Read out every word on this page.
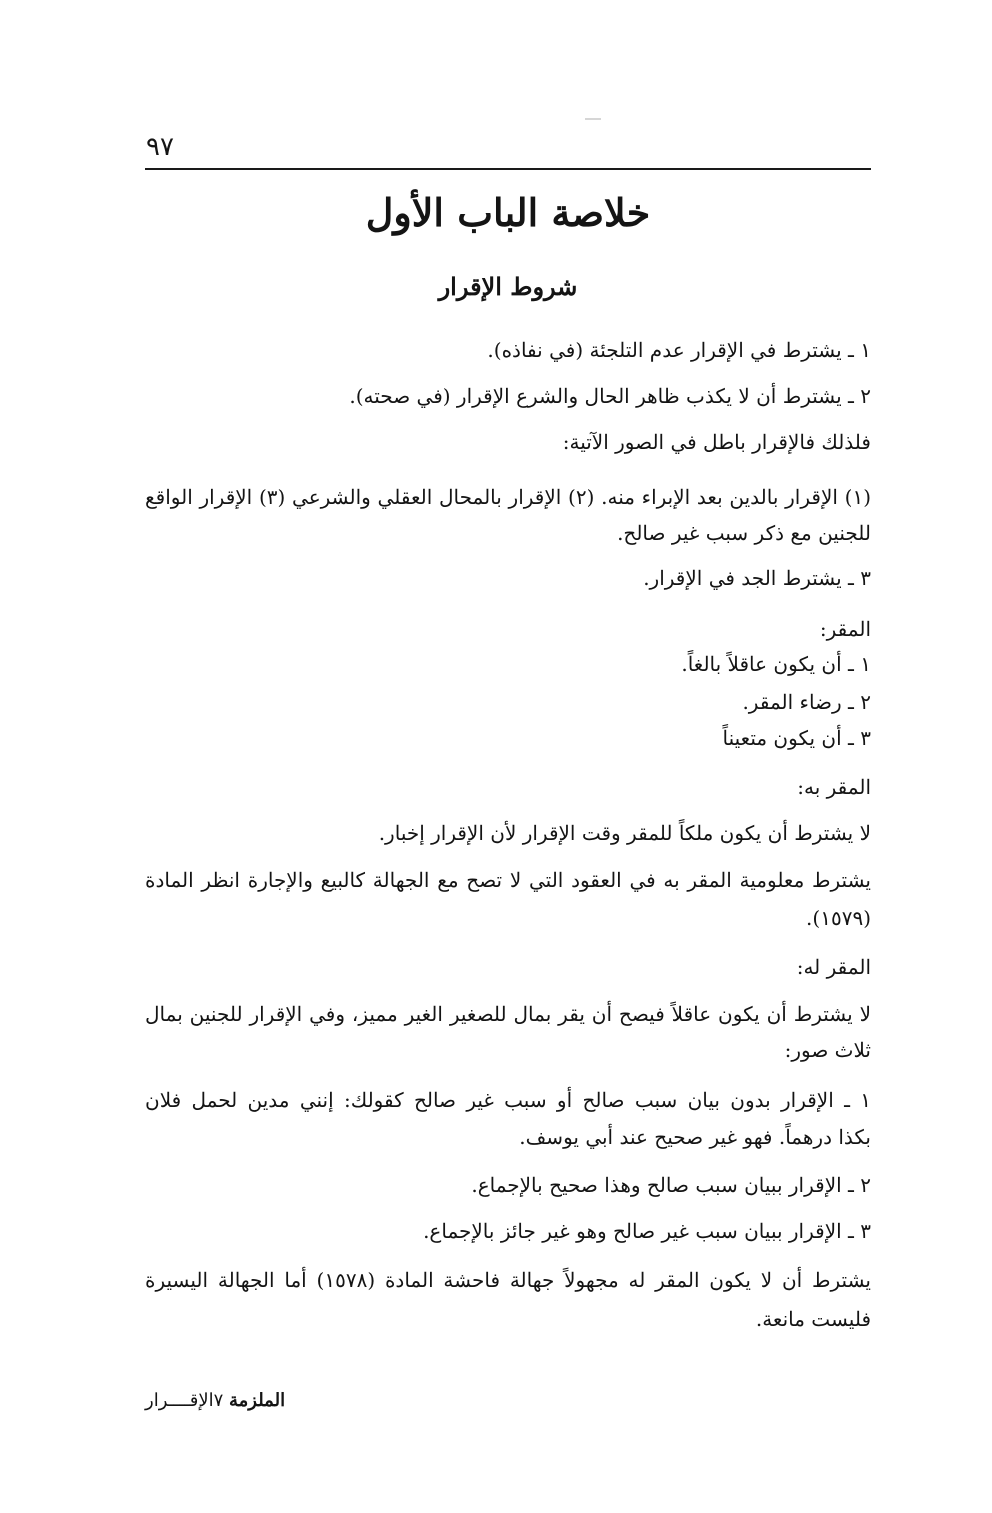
٩٧
خلاصة الباب الأول
شروط الإقرار
١ ـ يشترط في الإقرار عدم التلجئة (في نفاذه).
٢ ـ يشترط أن لا يكذب ظاهر الحال والشرع الإقرار (في صحته).
فلذلك فالإقرار باطل في الصور الآتية:
(١) الإقرار بالدين بعد الإبراء منه. (٢) الإقرار بالمحال العقلي والشرعي (٣) الإقرار الواقع
للجنين مع ذكر سبب غير صالح.
٣ ـ يشترط الجد في الإقرار.
المقر:
١ ـ أن يكون عاقلاً بالغاً.
٢ ـ رضاء المقر.
٣ ـ أن يكون متعيناً
المقر به:
لا يشترط أن يكون ملكاً للمقر وقت الإقرار لأن الإقرار إخبار.
يشترط معلومية المقر به في العقود التي لا تصح مع الجهالة كالبيع والإجارة انظر المادة
(١٥٧٩).
المقر له:
لا يشترط أن يكون عاقلاً فيصح أن يقر بمال للصغير الغير مميز، وفي الإقرار للجنين بمال
ثلاث صور:
١ ـ الإقرار بدون بيان سبب صالح أو سبب غير صالح كقولك: إنني مدين لحمل فلان
بكذا درهماً. فهو غير صحيح عند أبي يوسف.
٢ ـ الإقرار ببيان سبب صالح وهذا صحيح بالإجماع.
٣ ـ الإقرار ببيان سبب غير صالح وهو غير جائز بالإجماع.
يشترط أن لا يكون المقر له مجهولاً جهالة فاحشة المادة (١٥٧٨) أما الجهالة اليسيرة
فليست مانعة.
الملزمة ٧الإقــــرار
